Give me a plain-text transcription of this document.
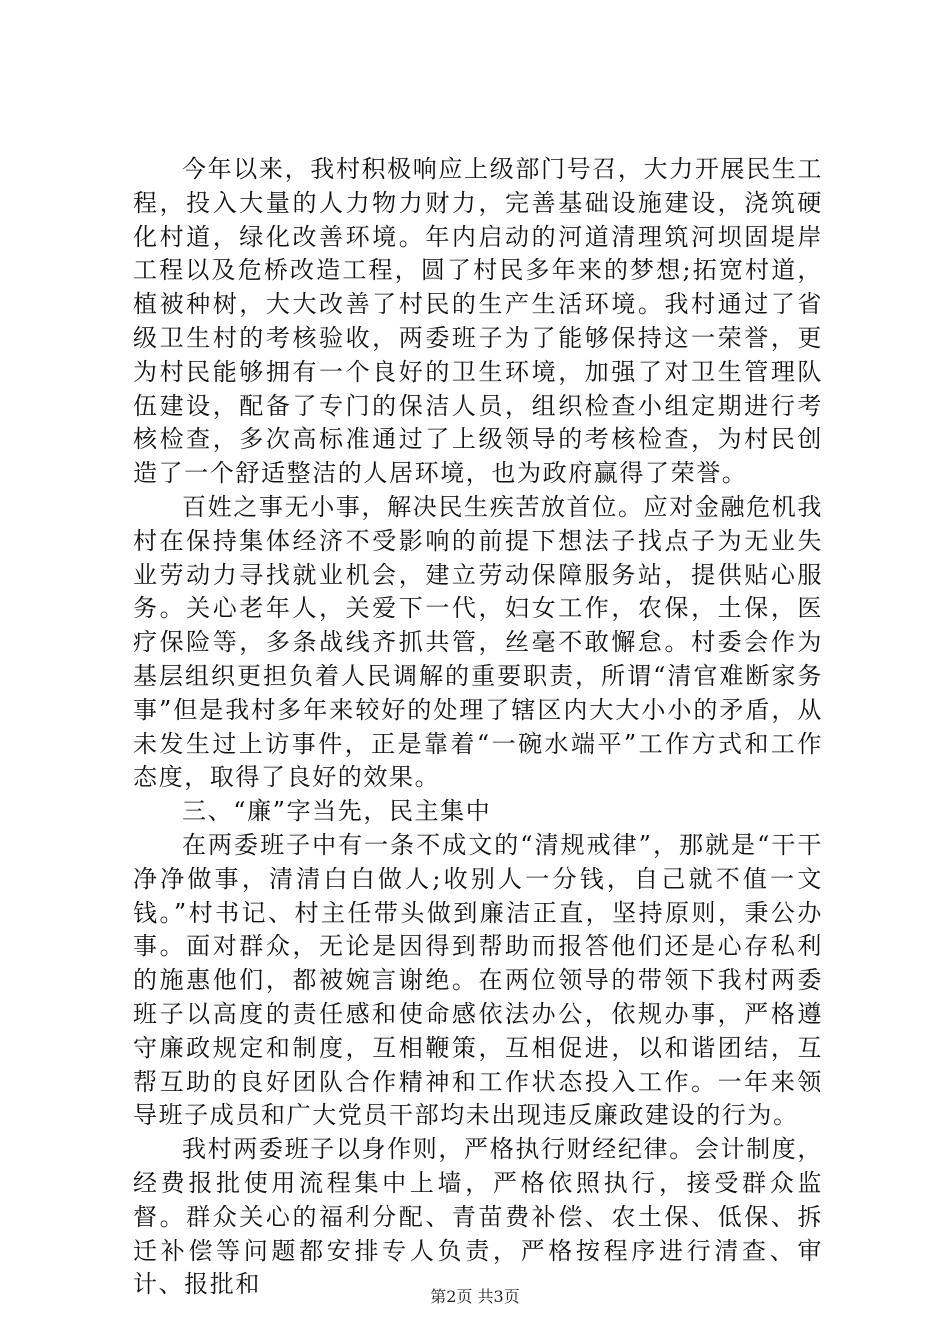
今年以来，我村积极响应上级部门号召，大力开展民生工程，投入大量的人力物力财力，完善基础设施建设，浇筑硬化村道，绿化改善环境。年内启动的河道清理筑河坝固堤岸工程以及危桥改造工程，圆了村民多年来的梦想;拓宽村道，植被种树，大大改善了村民的生产生活环境。我村通过了省级卫生村的考核验收，两委班子为了能够保持这一荣誉，更为村民能够拥有一个良好的卫生环境，加强了对卫生管理队伍建设，配备了专门的保洁人员，组织检查小组定期进行考核检查，多次高标准通过了上级领导的考核检查，为村民创造了一个舒适整洁的人居环境，也为政府赢得了荣誉。

百姓之事无小事，解决民生疾苦放首位。应对金融危机我村在保持集体经济不受影响的前提下想法子找点子为无业失业劳动力寻找就业机会，建立劳动保障服务站，提供贴心服务。关心老年人，关爱下一代，妇女工作，农保，土保，医疗保险等，多条战线齐抓共管，丝毫不敢懈怠。村委会作为基层组织更担负着人民调解的重要职责，所谓“清官难断家务事”但是我村多年来较好的处理了辖区内大大小小的矛盾，从未发生过上访事件，正是靠着“一碗水端平”工作方式和工作态度，取得了良好的效果。

三、“廉”字当先，民主集中

在两委班子中有一条不成文的“清规戒律”，那就是“干干净净做事，清清白白做人;收别人一分钱，自己就不值一文钱。”村书记、村主任带头做到廉洁正直，坚持原则，秉公办事。面对群众，无论是因得到帮助而报答他们还是心存私利的施惠他们，都被婉言谢绝。在两位领导的带领下我村两委班子以高度的责任感和使命感依法办公，依规办事，严格遵守廉政规定和制度，互相鞭策，互相促进，以和谐团结，互帮互助的良好团队合作精神和工作状态投入工作。一年来领导班子成员和广大党员干部均未出现违反廉政建设的行为。

我村两委班子以身作则，严格执行财经纪律。会计制度，经费报批使用流程集中上墙，严格依照执行，接受群众监督。群众关心的福利分配、青苗费补偿、农土保、低保、拆迁补偿等问题都安排专人负责，严格按程序进行清查、审计、报批和	第2页 共3页
